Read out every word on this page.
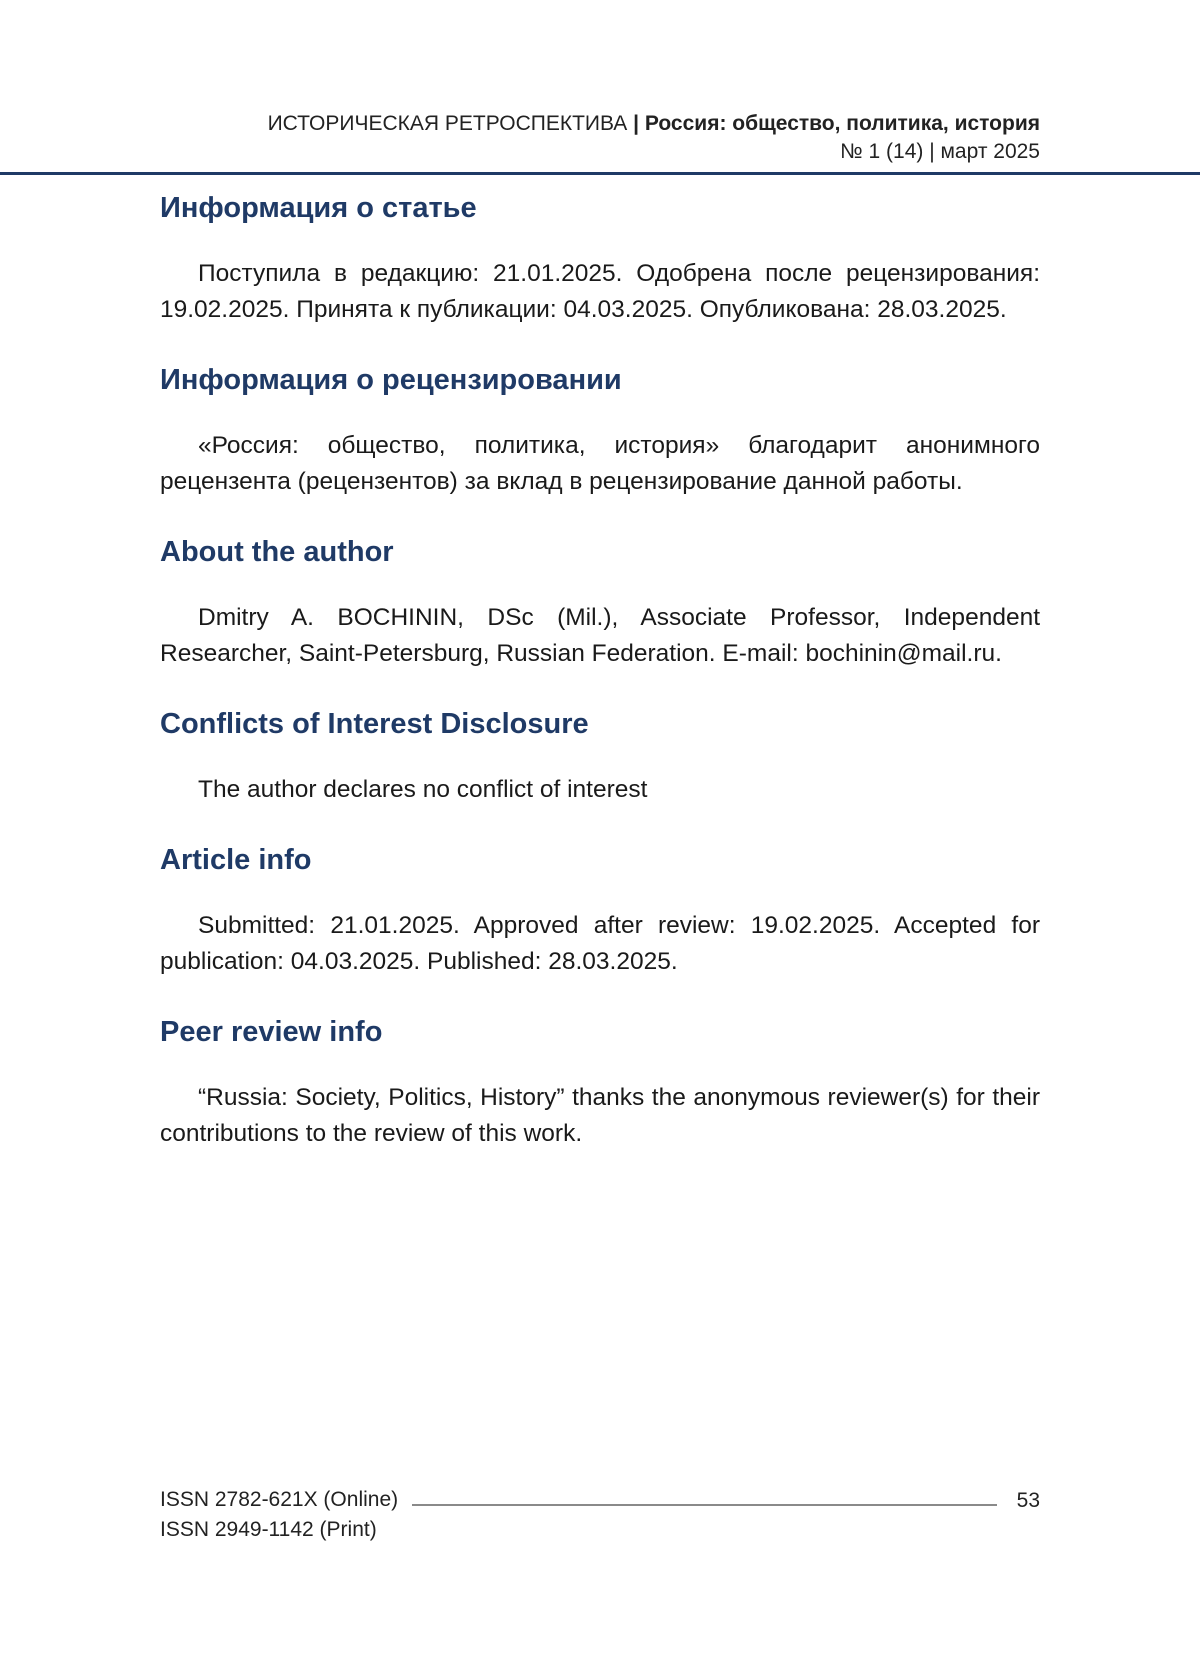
ИСТОРИЧЕСКАЯ РЕТРОСПЕКТИВА | Россия: общество, политика, история
№ 1 (14) | март 2025
Информация о статье

Поступила в редакцию: 21.01.2025. Одобрена после рецензирования: 19.02.2025. Принята к публикации: 04.03.2025. Опубликована: 28.03.2025.

Информация о рецензировании

«Россия: общество, политика, история» благодарит анонимного рецензента (рецензентов) за вклад в рецензирование данной работы.

About the author

Dmitry A. BOCHININ, DSc (Mil.), Associate Professor, Independent Researcher, Saint-Petersburg, Russian Federation. E-mail: bochinin@mail.ru.

Conflicts of Interest Disclosure

The author declares no conflict of interest

Article info

Submitted: 21.01.2025. Approved after review: 19.02.2025. Accepted for publication: 04.03.2025. Published: 28.03.2025.

Peer review info

“Russia: Society, Politics, History” thanks the anonymous reviewer(s) for their contributions to the review of this work.

ISSN 2782-621X (Online)
ISSN 2949-1142 (Print)
53
